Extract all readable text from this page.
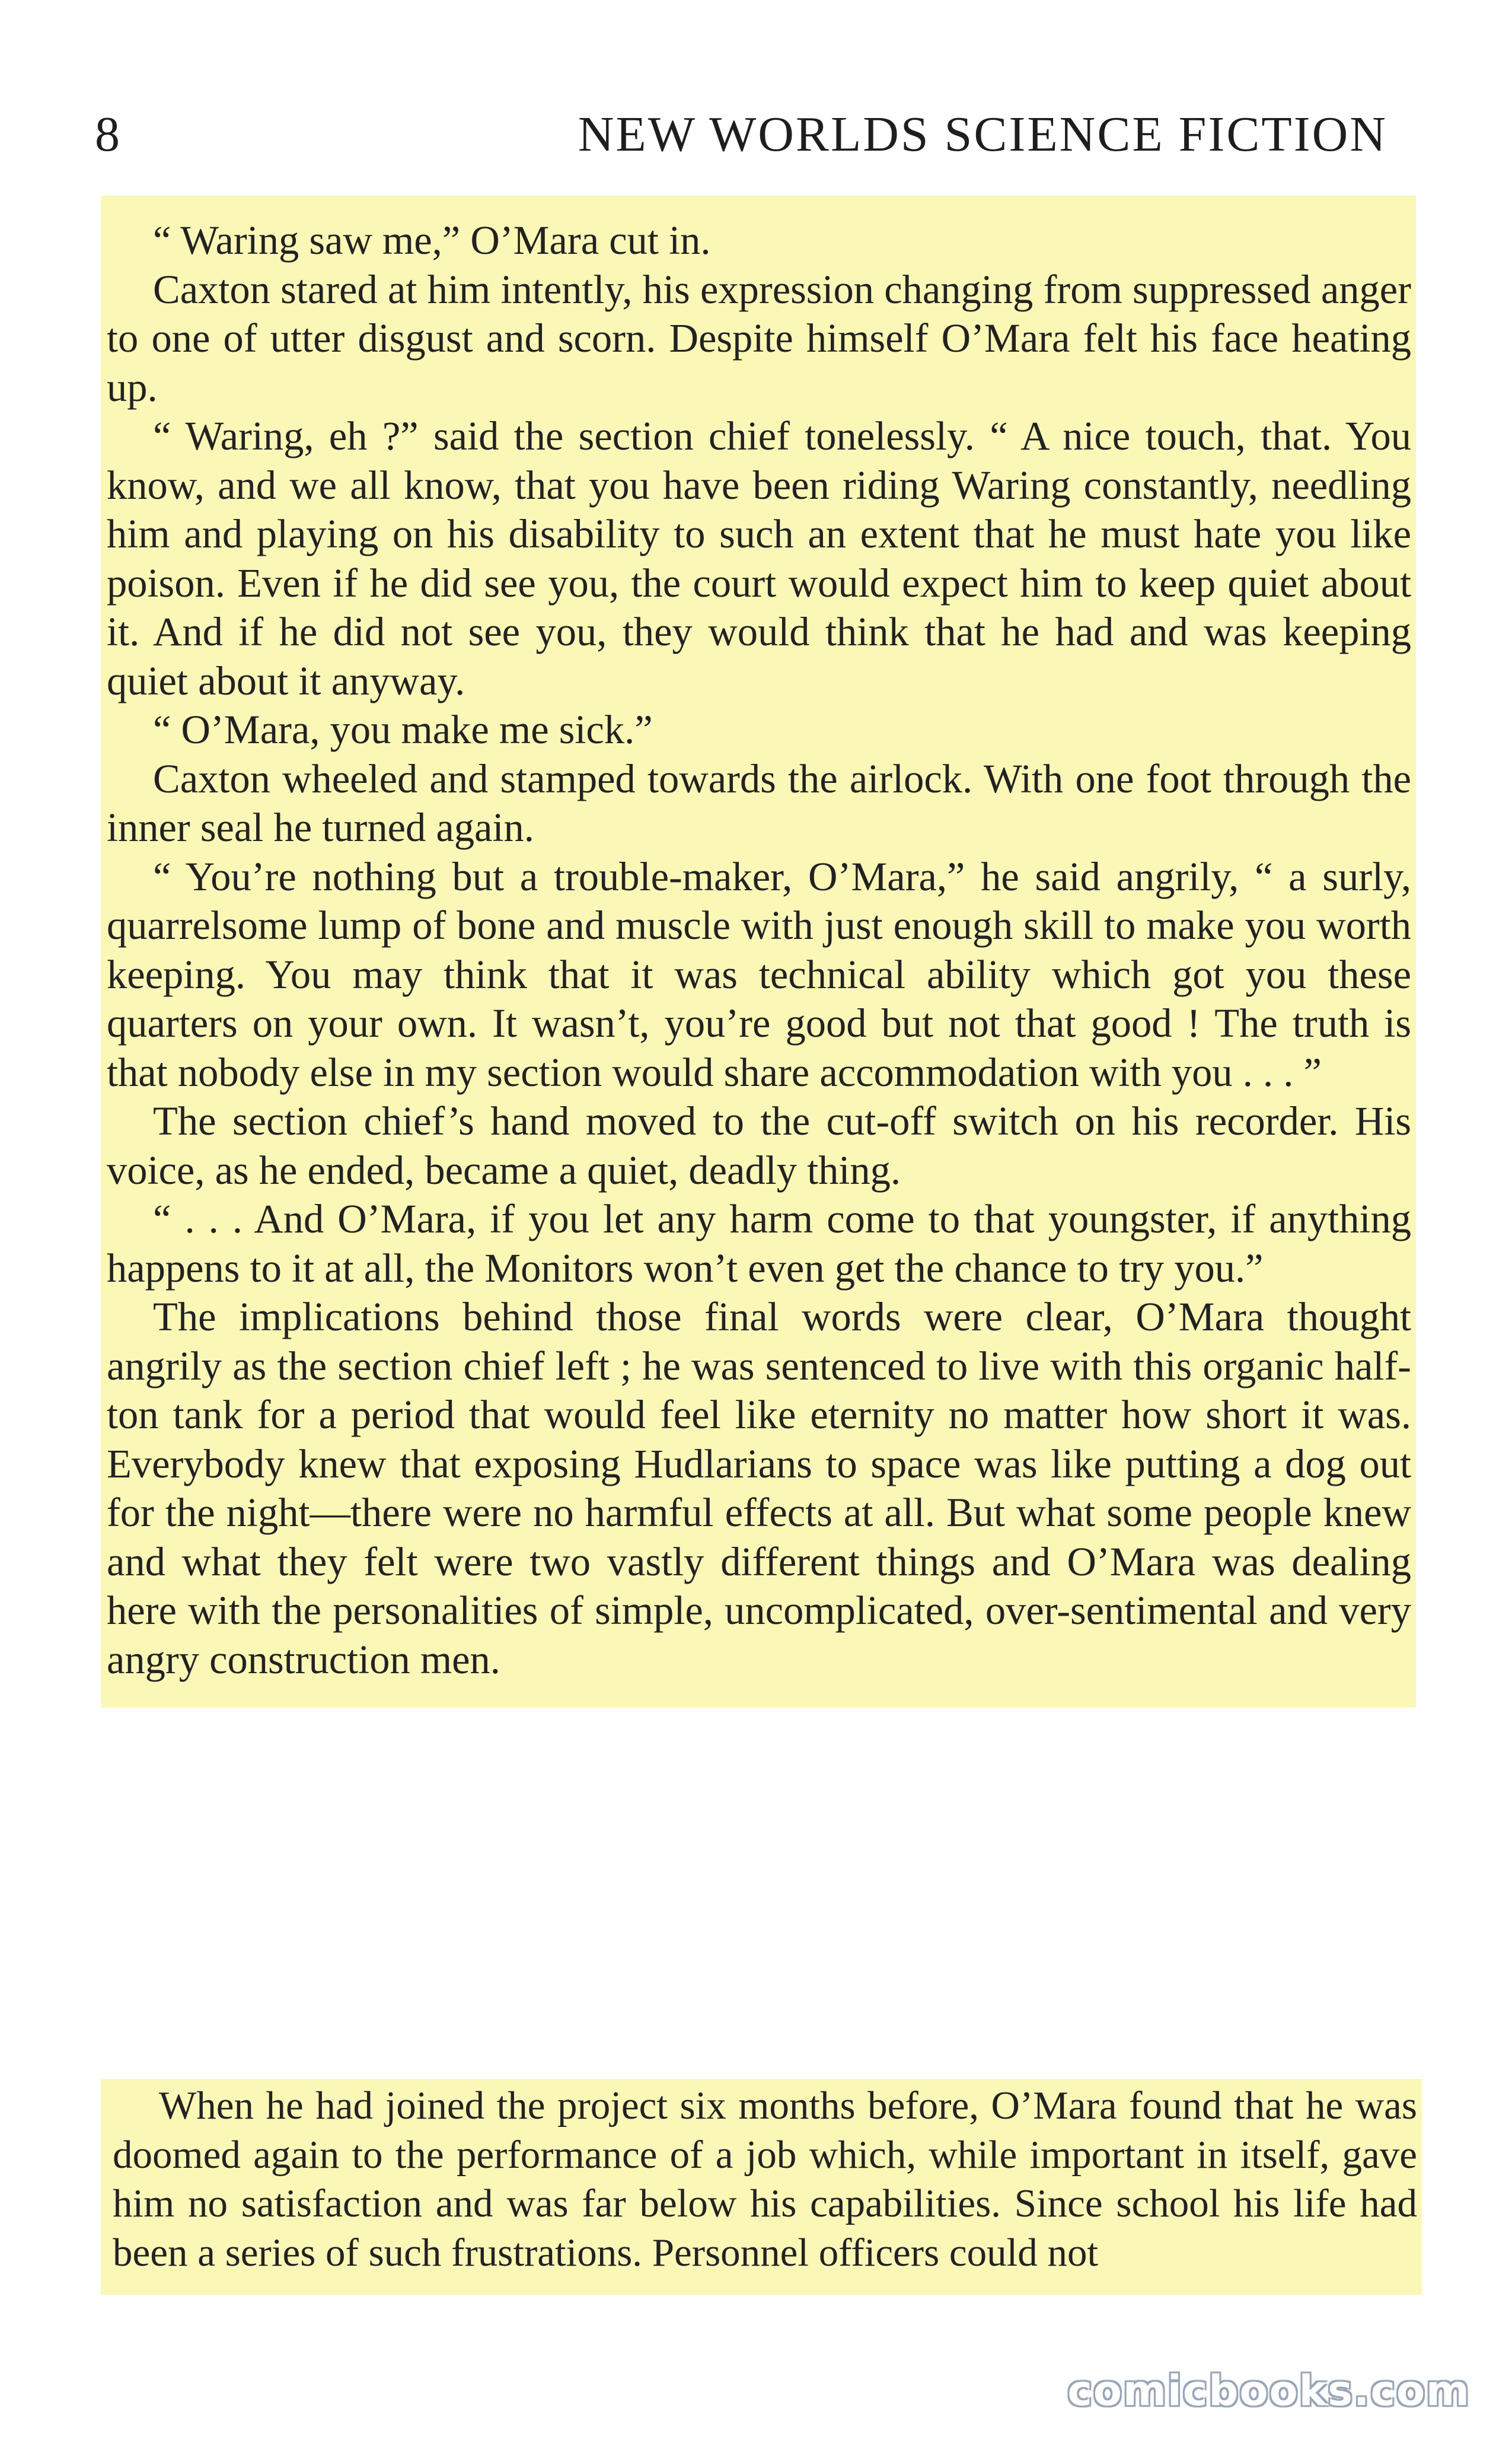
8	NEW WORLDS SCIENCE FICTION

“ Waring saw me,” O’Mara cut in.

Caxton stared at him intently, his expression changing from suppressed anger to one of utter disgust and scorn. Despite himself O’Mara felt his face heating up.

“ Waring, eh ?” said the section chief tonelessly. “ A nice touch, that. You know, and we all know, that you have been riding Waring constantly, needling him and playing on his disability to such an extent that he must hate you like poison. Even if he did see you, the court would expect him to keep quiet about it. And if he did not see you, they would think that he had and was keeping quiet about it anyway.

“ O’Mara, you make me sick.”

Caxton wheeled and stamped towards the airlock. With one foot through the inner seal he turned again.

“ You’re nothing but a trouble-maker, O’Mara,” he said angrily, “ a surly, quarrelsome lump of bone and muscle with just enough skill to make you worth keeping. You may think that it was technical ability which got you these quarters on your own. It wasn’t, you’re good but not that good ! The truth is that nobody else in my section would share accommodation with you . . . ”

The section chief’s hand moved to the cut-off switch on his recorder. His voice, as he ended, became a quiet, deadly thing.

“ . . . And O’Mara, if you let any harm come to that youngster, if anything happens to it at all, the Monitors won’t even get the chance to try you.”

The implications behind those final words were clear, O’Mara thought angrily as the section chief left ; he was sentenced to live with this organic half-ton tank for a period that would feel like eternity no matter how short it was. Everybody knew that exposing Hudlarians to space was like putting a dog out for the night—there were no harmful effects at all. But what some people knew and what they felt were two vastly different things and O’Mara was dealing here with the personalities of simple, uncomplicated, over-sentimental and very angry construction men.

When he had joined the project six months before, O’Mara found that he was doomed again to the performance of a job which, while important in itself, gave him no satisfaction and was far below his capabilities. Since school his life had been a series of such frustrations. Personnel officers could not

comicbooks.com
